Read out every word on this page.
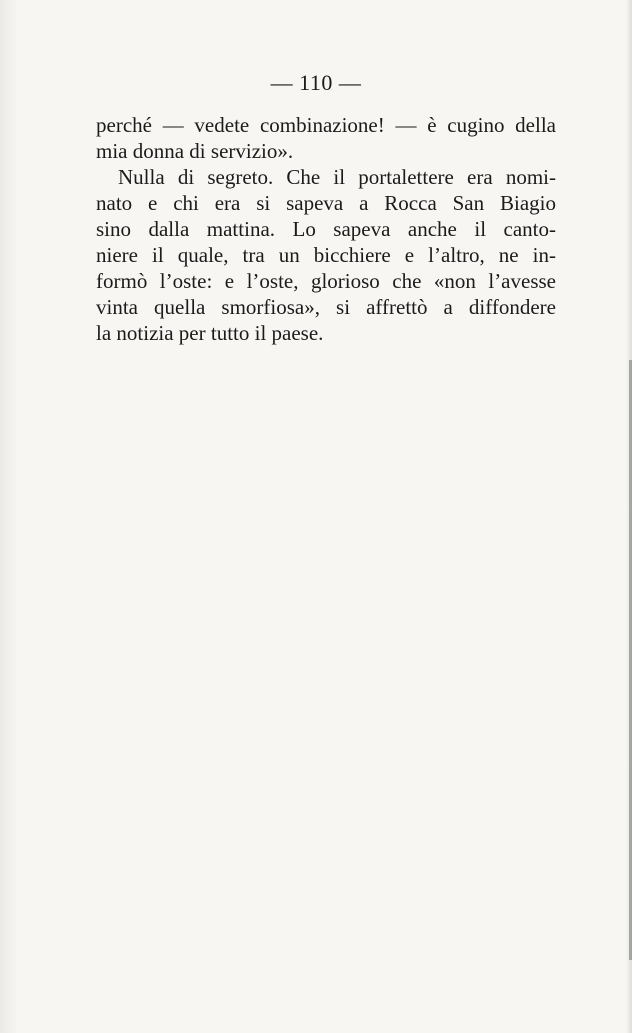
— 110 —
perché — vedete combinazione! — è cugino della
mia donna di servizio».
Nulla di segreto. Che il portalettere era nomi-
nato e chi era si sapeva a Rocca San Biagio
sino dalla mattina. Lo sapeva anche il canto-
niere il quale, tra un bicchiere e l’altro, ne in-
formò l’oste: e l’oste, glorioso che «non l’avesse
vinta quella smorfiosa», si affrettò a diffondere
la notizia per tutto il paese.
